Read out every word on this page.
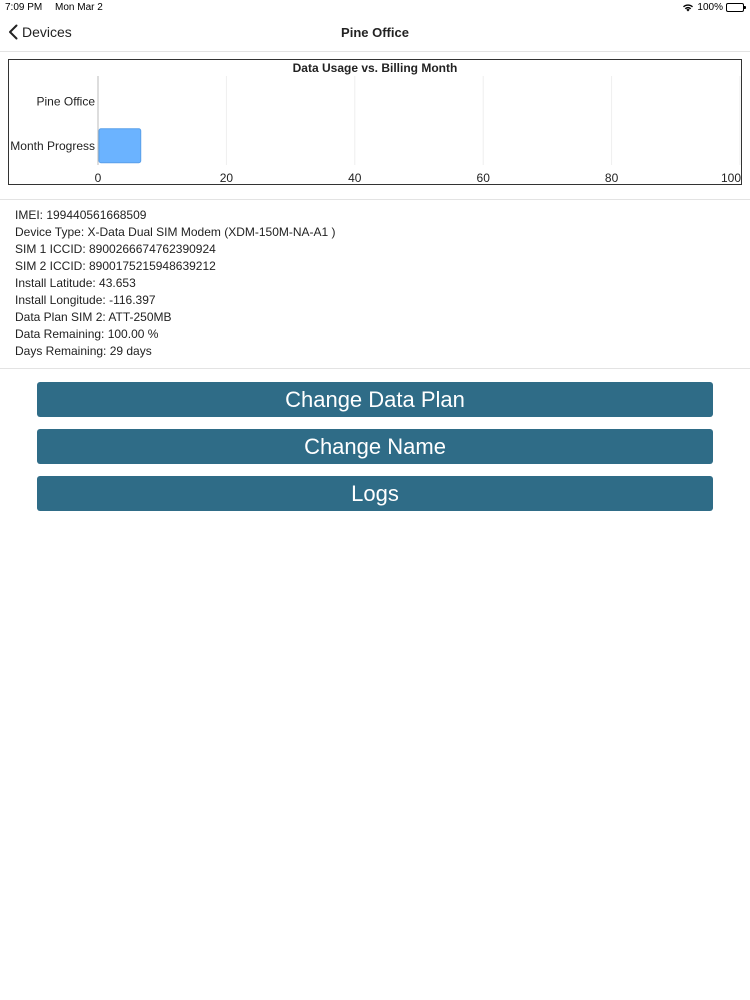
7:09 PM Mon Mar 2	100%
Devices	Pine Office
Data Usage vs. Billing Month
Pine Office
Month Progress
0	20	40	60	80	100
IMEI: 199440561668509
Device Type: X-Data Dual SIM Modem (XDM-150M-NA-A1 )
SIM 1 ICCID: 8900266674762390924
SIM 2 ICCID: 8900175215948639212
Install Latitude: 43.653
Install Longitude: -116.397
Data Plan SIM 2: ATT-250MB
Data Remaining: 100.00 %
Days Remaining: 29 days
Change Data Plan
Change Name
Logs
